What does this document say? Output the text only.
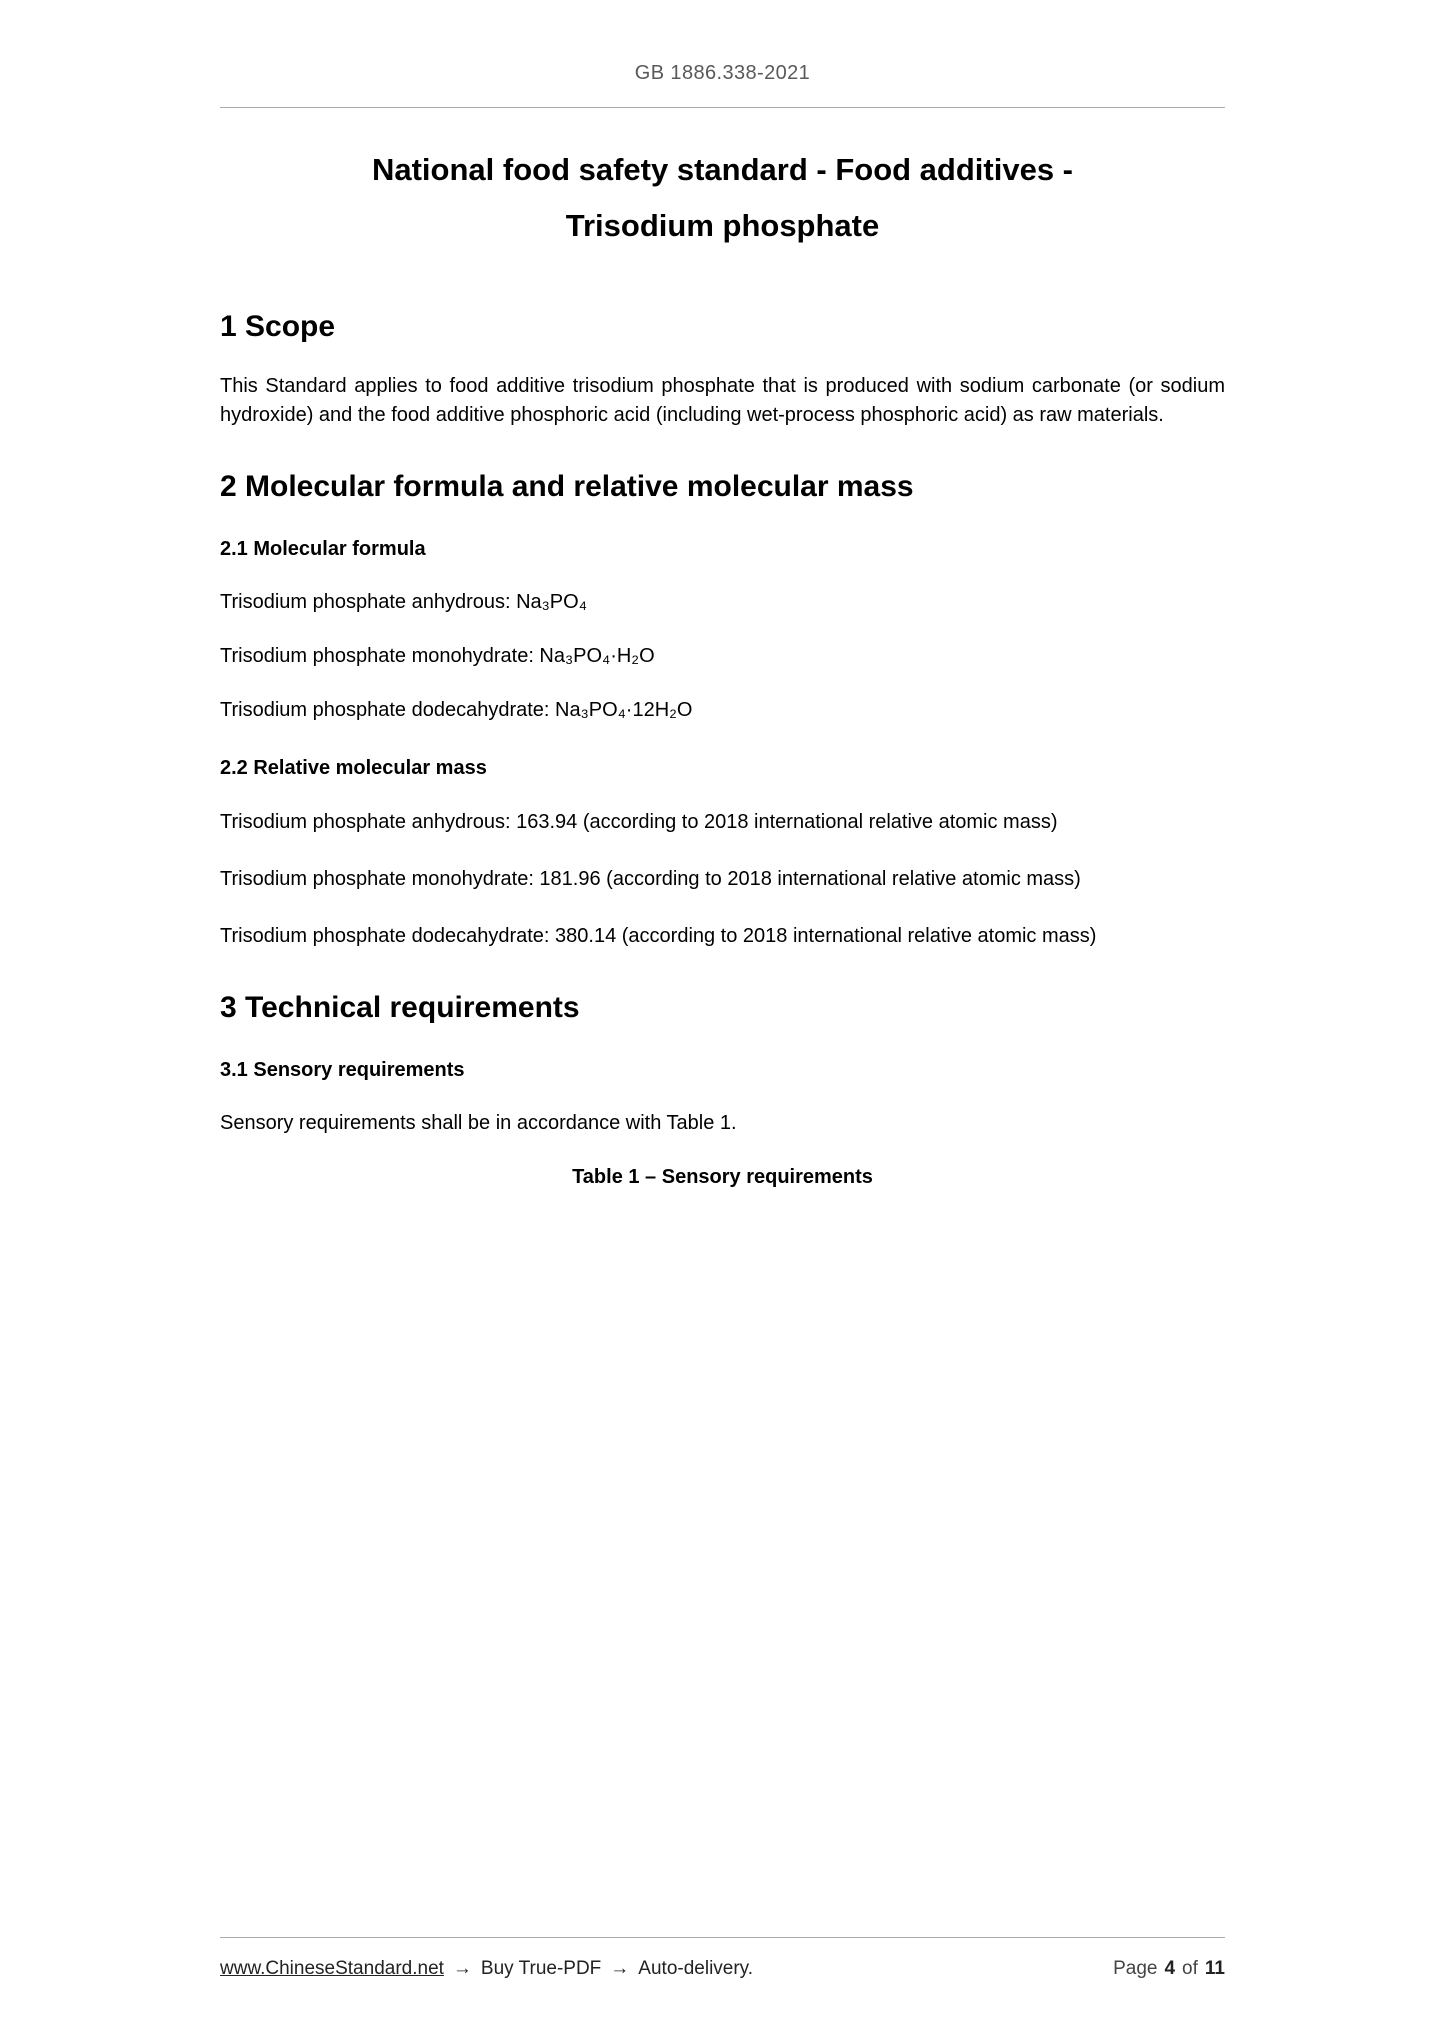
GB 1886.338-2021
National food safety standard - Food additives -
Trisodium phosphate
1 Scope

This Standard applies to food additive trisodium phosphate that is produced with sodium carbonate (or sodium hydroxide) and the food additive phosphoric acid (including wet-process phosphoric acid) as raw materials.

2 Molecular formula and relative molecular mass
2.1 Molecular formula

Trisodium phosphate anhydrous: Na₃PO₄

Trisodium phosphate monohydrate: Na₃PO₄·H₂O

Trisodium phosphate dodecahydrate: Na₃PO₄·12H₂O

2.2 Relative molecular mass

Trisodium phosphate anhydrous: 163.94 (according to 2018 international relative atomic mass)

Trisodium phosphate monohydrate: 181.96 (according to 2018 international relative atomic mass)

Trisodium phosphate dodecahydrate: 380.14 (according to 2018 international relative atomic mass)

3 Technical requirements
3.1 Sensory requirements

Sensory requirements shall be in accordance with Table 1.

Table 1 – Sensory requirements
www.ChineseStandard.net → Buy True-PDF → Auto-delivery.	Page 4 of 11
